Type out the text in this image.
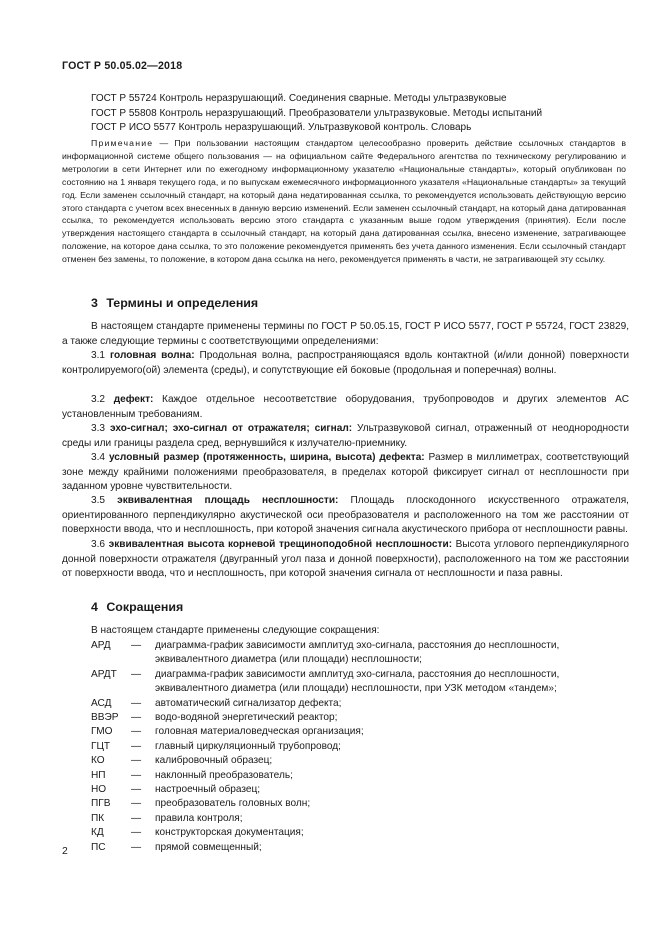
ГОСТ Р 50.05.02—2018
ГОСТ Р 55724 Контроль неразрушающий. Соединения сварные. Методы ультразвуковые
ГОСТ Р 55808 Контроль неразрушающий. Преобразователи ультразвуковые. Методы испытаний
ГОСТ Р ИСО 5577 Контроль неразрушающий. Ультразвуковой контроль. Словарь
Примечание — При пользовании настоящим стандартом целесообразно проверить действие ссылочных стандартов в информационной системе общего пользования — на официальном сайте Федерального агентства по техническому регулированию и метрологии в сети Интернет или по ежегодному информационному указателю «Национальные стандарты», который опубликован по состоянию на 1 января текущего года, и по выпускам ежемесячного информационного указателя «Национальные стандарты» за текущий год. Если заменен ссылочный стандарт, на который дана недатированная ссылка, то рекомендуется использовать действующую версию этого стандарта с учетом всех внесенных в данную версию изменений. Если заменен ссылочный стандарт, на который дана датированная ссылка, то рекомендуется использовать версию этого стандарта с указанным выше годом утверждения (принятия). Если после утверждения настоящего стандарта в ссылочный стандарт, на который дана датированная ссылка, внесено изменение, затрагивающее положение, на которое дана ссылка, то это положение рекомендуется применять без учета данного изменения. Если ссылочный стандарт отменен без замены, то положение, в котором дана ссылка на него, рекомендуется применять в части, не затрагивающей эту ссылку.
3 Термины и определения
В настоящем стандарте применены термины по ГОСТ Р 50.05.15, ГОСТ Р ИСО 5577, ГОСТ Р 55724, ГОСТ 23829, а также следующие термины с соответствующими определениями:
3.1 головная волна: Продольная волна, распространяющаяся вдоль контактной (и/или донной) поверхности контролируемого(ой) элемента (среды), и сопутствующие ей боковые (продольная и поперечная) волны.
3.2 дефект: Каждое отдельное несоответствие оборудования, трубопроводов и других элементов АС установленным требованиям.
3.3 эхо-сигнал; эхо-сигнал от отражателя; сигнал: Ультразвуковой сигнал, отраженный от неоднородности среды или границы раздела сред, вернувшийся к излучателю-приемнику.
3.4 условный размер (протяженность, ширина, высота) дефекта: Размер в миллиметрах, соответствующий зоне между крайними положениями преобразователя, в пределах которой фиксирует сигнал от несплошности при заданном уровне чувствительности.
3.5 эквивалентная площадь несплошности: Площадь плоскодонного искусственного отражателя, ориентированного перпендикулярно акустической оси преобразователя и расположенного на том же расстоянии от поверхности ввода, что и несплошность, при которой значения сигнала акустического прибора от несплошности равны.
3.6 эквивалентная высота корневой трещиноподобной несплошности: Высота углового перпендикулярного донной поверхности отражателя (двугранный угол паза и донной поверхности), расположенного на том же расстоянии от поверхности ввода, что и несплошность, при которой значения сигнала от несплошности и паза равны.
4 Сокращения
В настоящем стандарте применены следующие сокращения:
АРД	—	диаграмма-график зависимости амплитуд эхо-сигнала, расстояния до несплошности, эквивалентного диаметра (или площади) несплошности;
АРДТ	—	диаграмма-график зависимости амплитуд эхо-сигнала, расстояния до несплошности, эквивалентного диаметра (или площади) несплошности, при УЗК методом «тандем»;
АСД	—	автоматический сигнализатор дефекта;
ВВЭР	—	водо-водяной энергетический реактор;
ГМО	—	головная материаловедческая организация;
ГЦТ	—	главный циркуляционный трубопровод;
КО	—	калибровочный образец;
НП	—	наклонный преобразователь;
НО	—	настроечный образец;
ПГВ	—	преобразователь головных волн;
ПК	—	правила контроля;
КД	—	конструкторская документация;
ПС	—	прямой совмещенный;
2
